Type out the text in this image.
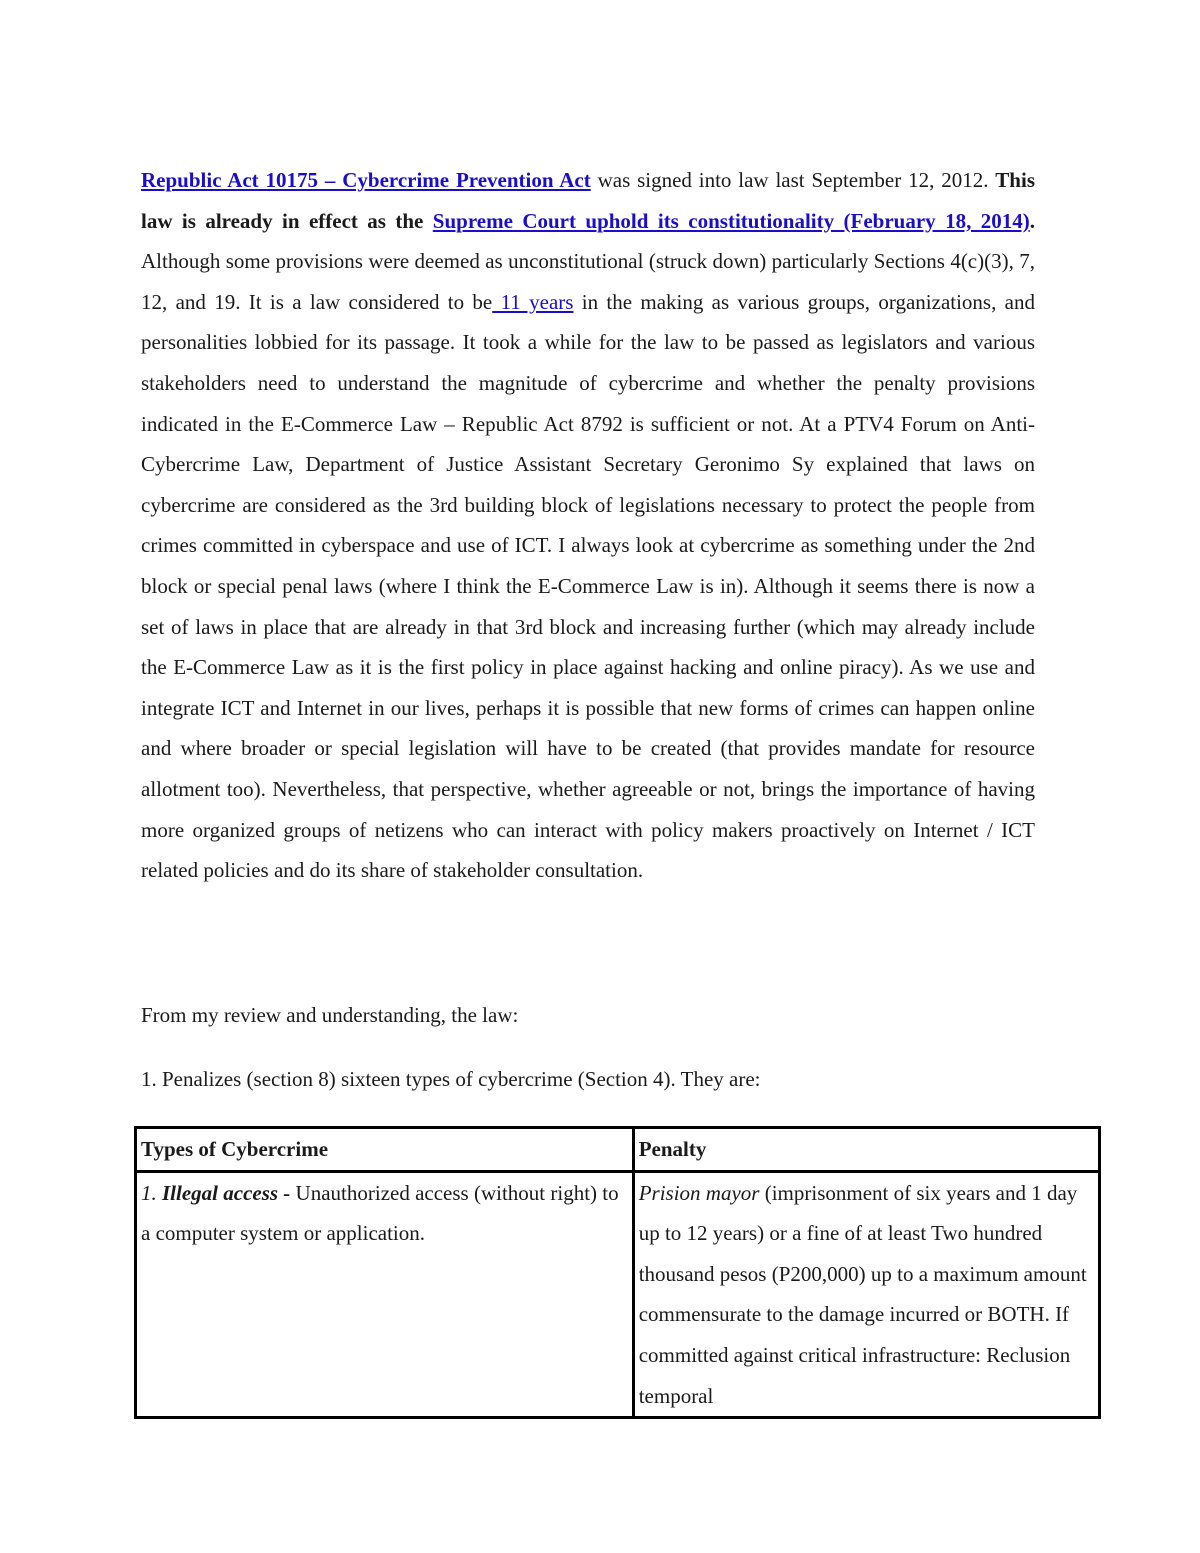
Republic Act 10175 – Cybercrime Prevention Act was signed into law last September 12, 2012. This law is already in effect as the Supreme Court uphold its constitutionality (February 18, 2014). Although some provisions were deemed as unconstitutional (struck down) particularly Sections 4(c)(3), 7, 12, and 19. It is a law considered to be 11 years in the making as various groups, organizations, and personalities lobbied for its passage. It took a while for the law to be passed as legislators and various stakeholders need to understand the magnitude of cybercrime and whether the penalty provisions indicated in the E-Commerce Law – Republic Act 8792 is sufficient or not. At a PTV4 Forum on Anti-Cybercrime Law, Department of Justice Assistant Secretary Geronimo Sy explained that laws on cybercrime are considered as the 3rd building block of legislations necessary to protect the people from crimes committed in cyberspace and use of ICT. I always look at cybercrime as something under the 2nd block or special penal laws (where I think the E-Commerce Law is in). Although it seems there is now a set of laws in place that are already in that 3rd block and increasing further (which may already include the E-Commerce Law as it is the first policy in place against hacking and online piracy). As we use and integrate ICT and Internet in our lives, perhaps it is possible that new forms of crimes can happen online and where broader or special legislation will have to be created (that provides mandate for resource allotment too). Nevertheless, that perspective, whether agreeable or not, brings the importance of having more organized groups of netizens who can interact with policy makers proactively on Internet / ICT related policies and do its share of stakeholder consultation.

From my review and understanding, the law:

1. Penalizes (section 8) sixteen types of cybercrime (Section 4). They are:

Types of Cybercrime	Penalty
1. Illegal access - Unauthorized access (without right) to a computer system or application.	Prision mayor (imprisonment of six years and 1 day up to 12 years) or a fine of at least Two hundred thousand pesos (P200,000) up to a maximum amount commensurate to the damage incurred or BOTH. If committed against critical infrastructure: Reclusion temporal
